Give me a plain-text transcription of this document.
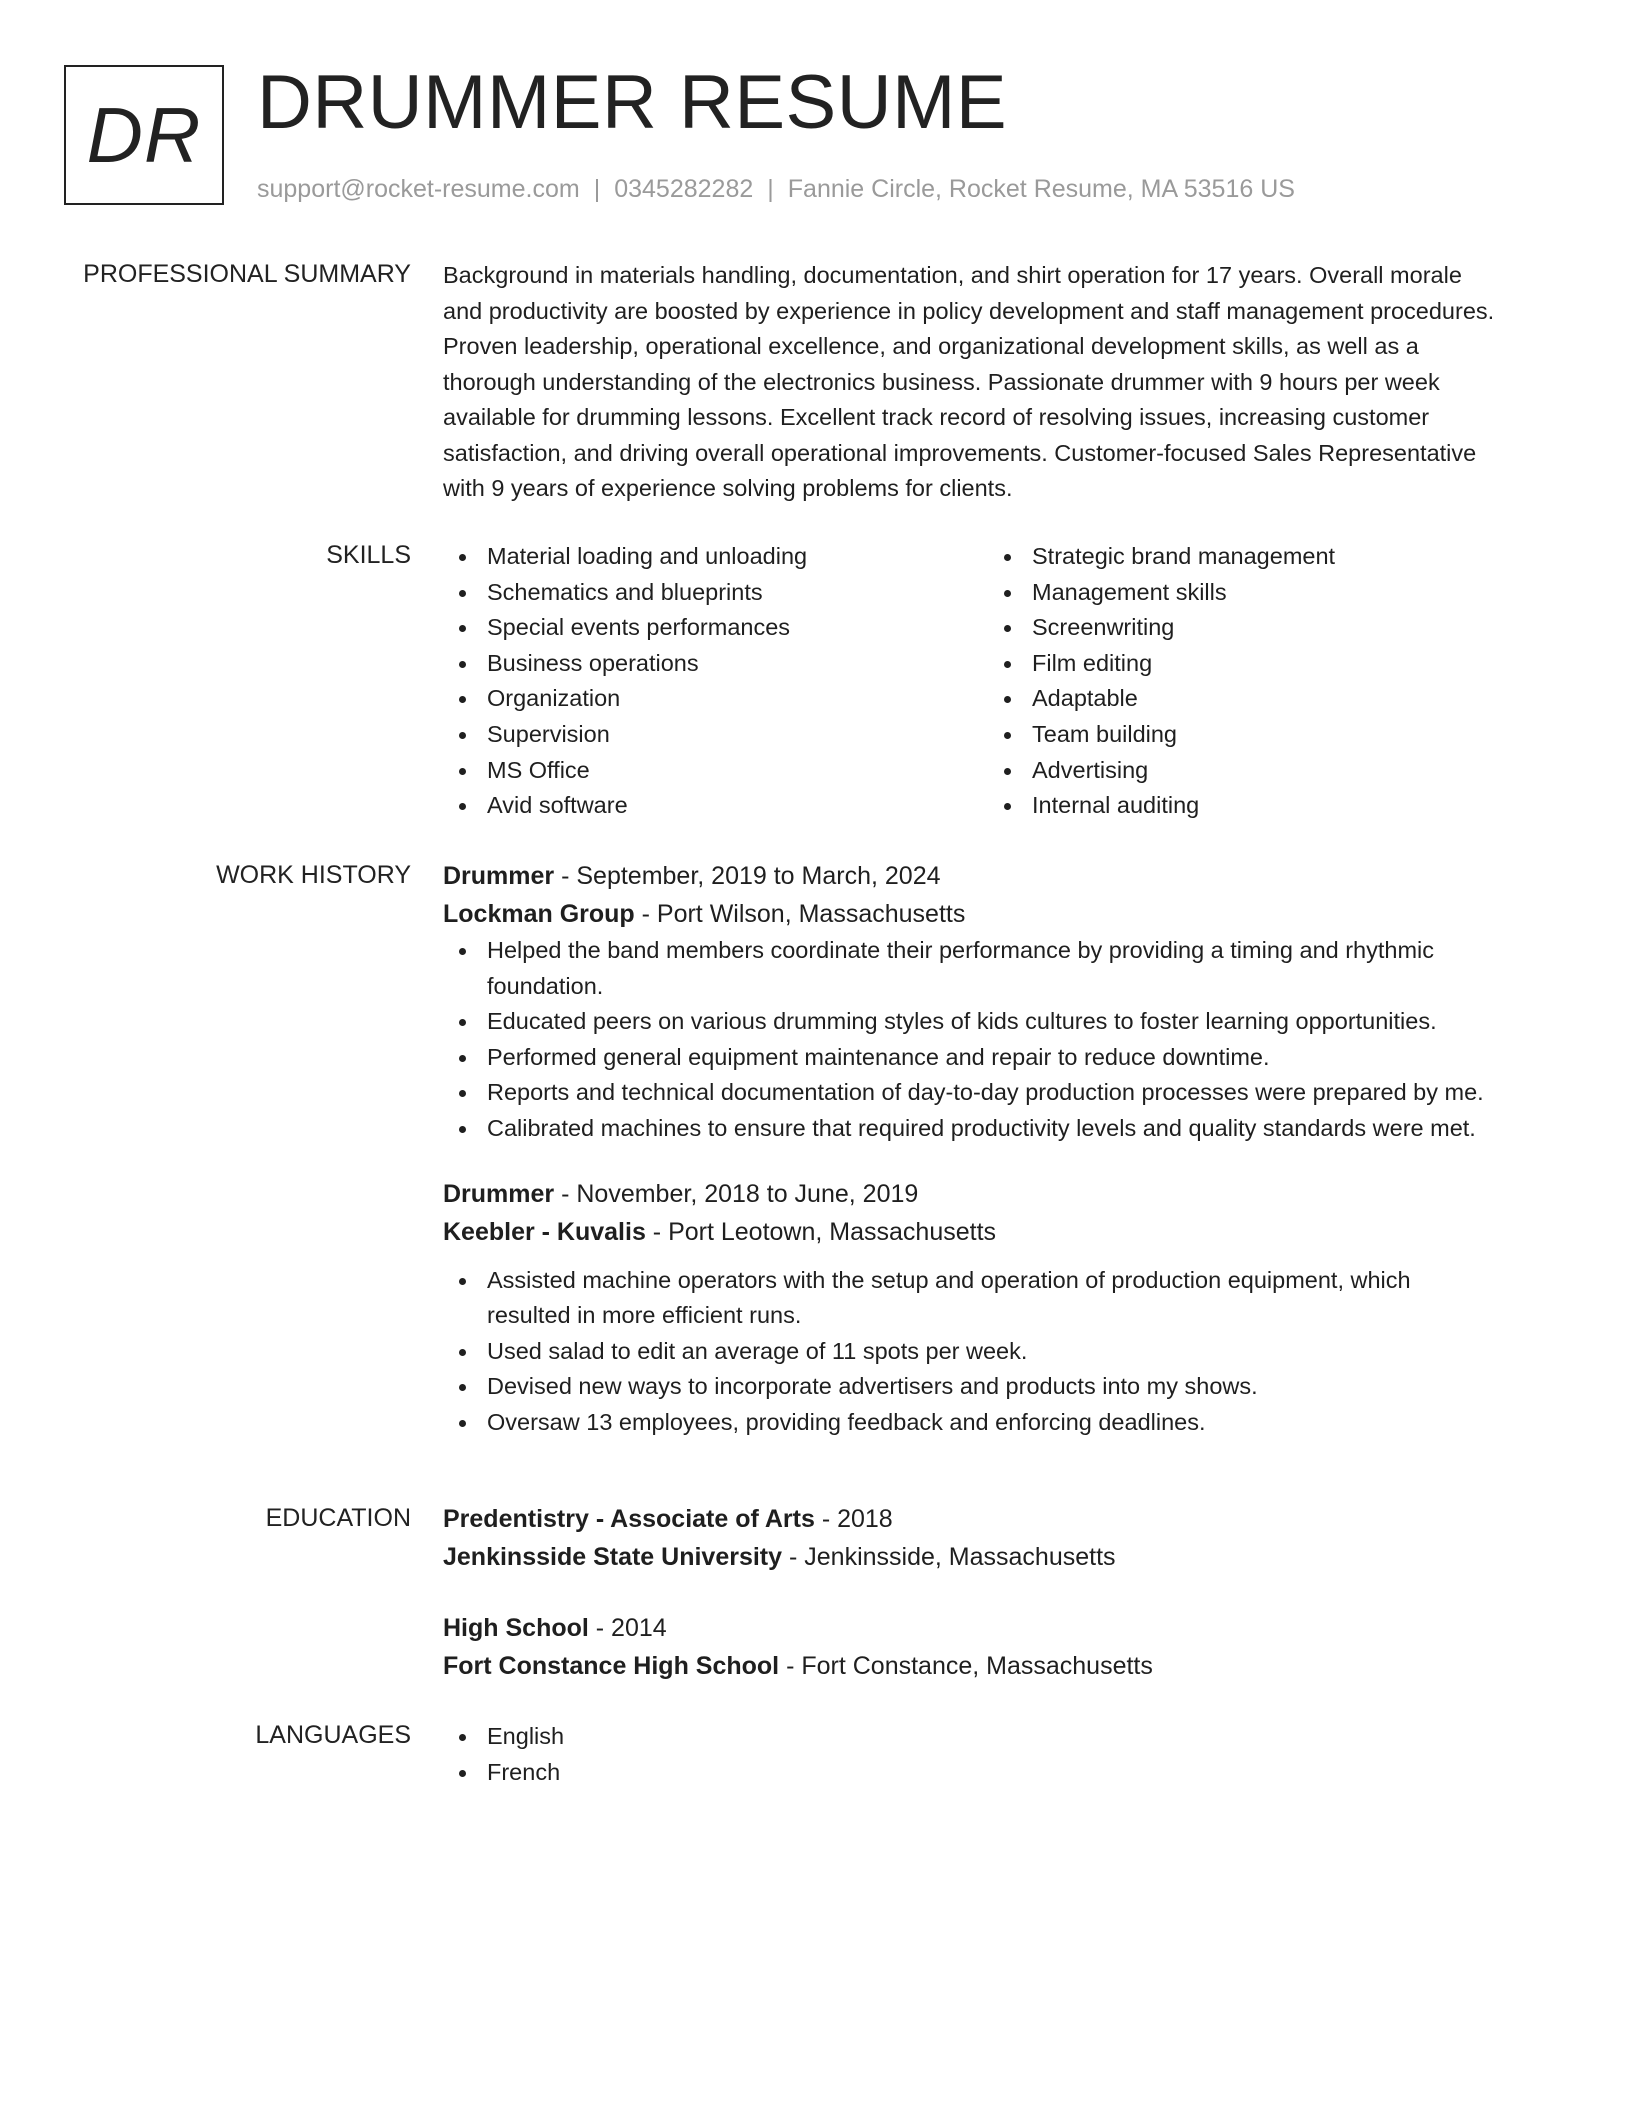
DR DRUMMER RESUME
support@rocket-resume.com | 0345282282 | Fannie Circle, Rocket Resume, MA 53516 US
PROFESSIONAL SUMMARY Background in materials handling, documentation, and shirt operation for 17 years. Overall morale
and productivity are boosted by experience in policy development and staff management procedures.
Proven leadership, operational excellence, and organizational development skills, as well as a
thorough understanding of the electronics business. Passionate drummer with 9 hours per week
available for drumming lessons. Excellent track record of resolving issues, increasing customer
satisfaction, and driving overall operational improvements. Customer-focused Sales Representative
with 9 years of experience solving problems for clients.
SKILLS	Material loading and unloading
Schematics and blueprints
Special events performances
Business operations
Organization
Supervision
MS Office
Avid software
Strategic brand management
Management skills
Screenwriting
Film editing
Adaptable
Team building
Advertising
Internal auditing
WORK HISTORY Drummer - September, 2019 to March, 2024
Lockman Group - Port Wilson, Massachusetts
Helped the band members coordinate their performance by providing a timing and rhythmic
foundation.
Educated peers on various drumming styles of kids cultures to foster learning opportunities.
Performed general equipment maintenance and repair to reduce downtime.
Reports and technical documentation of day-to-day production processes were prepared by me.
Calibrated machines to ensure that required productivity levels and quality standards were met.
Drummer - November, 2018 to June, 2019
Keebler - Kuvalis - Port Leotown, Massachusetts
Assisted machine operators with the setup and operation of production equipment, which
resulted in more efficient runs.
Used salad to edit an average of 11 spots per week.
Devised new ways to incorporate advertisers and products into my shows.
Oversaw 13 employees, providing feedback and enforcing deadlines.
EDUCATION Predentistry - Associate of Arts - 2018
Jenkinsside State University - Jenkinsside, Massachusetts
High School - 2014
Fort Constance High School - Fort Constance, Massachusetts
LANGUAGES	English
French
